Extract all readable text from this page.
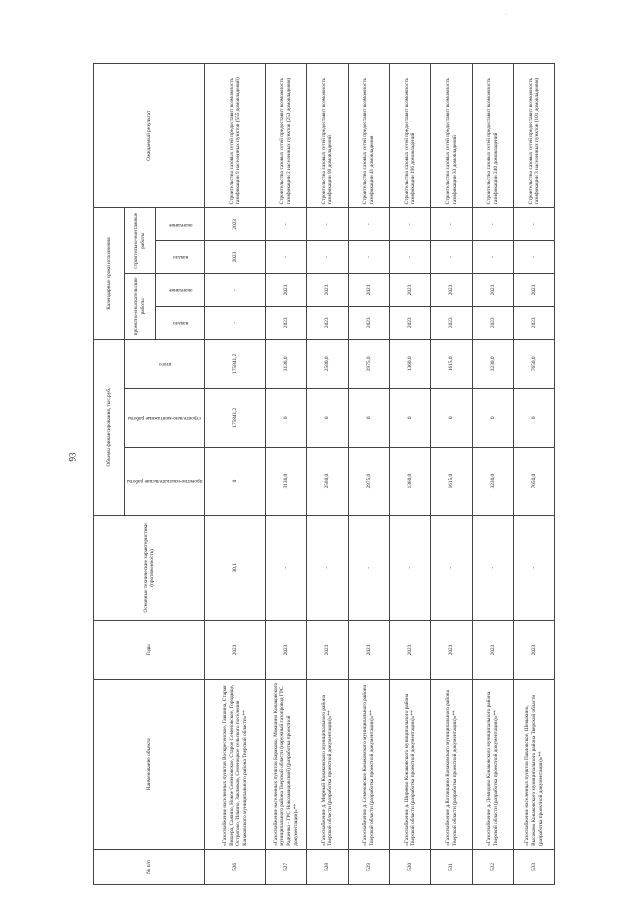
·
93
№ п/п	Наименование объекта	Годы	Основные технические характеристики (протяженность)	Объемы финансирования, тыс.руб.			Календарные сроки исполнения				Ожидаемый результат

				проектно-изыскательские работы	строительно-монтажные работы	итого	проектно-изыскательские работы		строительно-монтажные работы		

							начало	окончание	начало	окончание	

526	«Газоснабжение населенных пунктов Воскресенское, Гавшина, Старая Вишера, Сажино, Новое Семеновское, Старое Семеновское, Городище, Остратово, Ильино, Заклюков, Семенецкое сельского поселения Конаковского муниципального района Тверской области»**	2023	30,1	0	175841,2	175841,2	-	-	2023	2023	Строительство газовых сетей предоставит возможность газификации 9 населенных пунктов (555 домовладений)
527	«Газоснабжение населенных пунктов Бараково, Мокшино Конаковского муниципального района Тверской области (наружный газопровод ГРС Радченко - ГРС Новозавидовский) (разработка проектной документации)»**	2023	-	3136,0	0	3136,0	2023	2023	-	-	Строительство газовых сетей предоставит возможность газификации 2 населенных пунктов (253 домовладения)
528	«Газоснабжение д. Мирный Конаковского муниципального района Тверской области (разработка проектной документации)»**	2023	-	2580,0	0	2580,0	2023	2023	-	-	Строительство газовых сетей предоставит возможность газификации 99 домовладений
529	«Газоснабжение д. Семеновское Конаковского муниципального района Тверской области (разработка проектной документации)»**	2023	-	2975,0	0	2975,0	2023	2023	-	-	Строительство газовых сетей предоставит возможность газификации 41 домовладения
530	«Газоснабжение д. Ширяево Конаковского муниципального района Тверской области (разработка проектной документации)»**	2023	-	1360,0	0	1360,0	2023	2023	-	-	Строительство газовых сетей предоставит возможность газификации 196 домовладений
531	«Газоснабжение д.Котовщино Конаковского муниципального района Тверской области (разработка проектной документации)»**	2023	-	1615,0	0	1615,0	2023	2023	-	-	Строительство газовых сетей предоставит возможность газификации 33 домовладений
532	«Газоснабжение д. Демидово Конаковского муниципального района Тверской области (разработка проектной документации)»**	2023	-	3230,0	0	3230,0	2023	2023	-	-	Строительство газовых сетей предоставит возможность газификации 240 домовладений
533	«Газоснабжение населенных пунктов Павловское, Шевыкино, Высоково Конаковского муниципального района Тверской области (разработка проектной документации)»**	2023	-	7650,0	0	7650,0	2023	2023	-	-	Строительство газовых сетей предоставит возможность газификации 3 населенных пунктов (101 домовладения)
